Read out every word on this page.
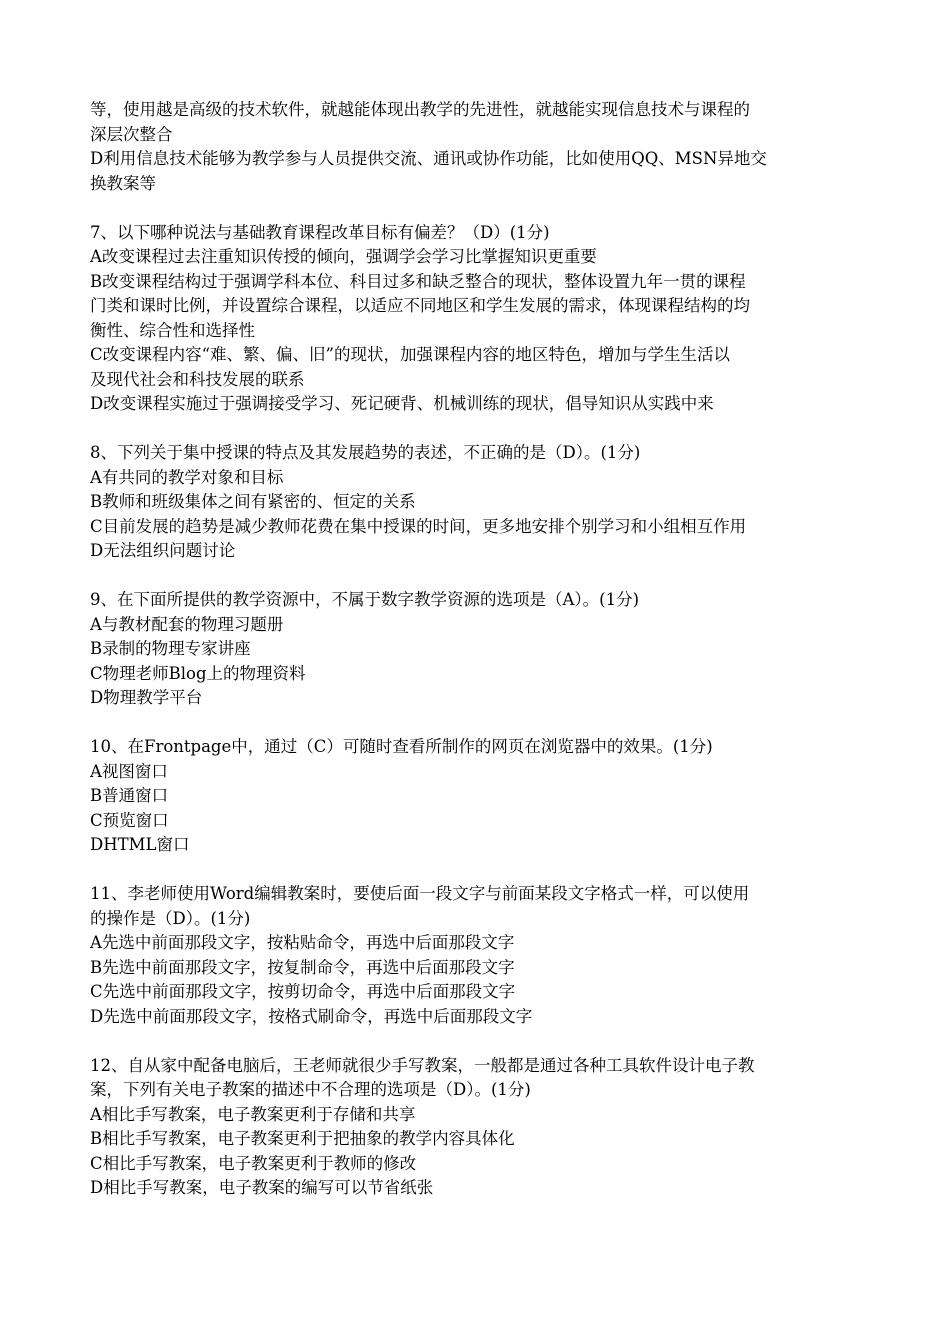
等，使用越是高级的技术软件，就越能体现出教学的先进性，就越能实现信息技术与课程的
深层次整合
D利用信息技术能够为教学参与人员提供交流、通讯或协作功能，比如使用QQ、MSN异地交
换教案等
7、以下哪种说法与基础教育课程改革目标有偏差？（D）(1分)
A改变课程过去注重知识传授的倾向，强调学会学习比掌握知识更重要
B改变课程结构过于强调学科本位、科目过多和缺乏整合的现状，整体设置九年一贯的课程
门类和课时比例，并设置综合课程，以适应不同地区和学生发展的需求，体现课程结构的均
衡性、综合性和选择性
C改变课程内容“难、繁、偏、旧”的现状，加强课程内容的地区特色，增加与学生生活以
及现代社会和科技发展的联系
D改变课程实施过于强调接受学习、死记硬背、机械训练的现状，倡导知识从实践中来
8、下列关于集中授课的特点及其发展趋势的表述，不正确的是（D）。(1分)
A有共同的教学对象和目标
B教师和班级集体之间有紧密的、恒定的关系
C目前发展的趋势是减少教师花费在集中授课的时间，更多地安排个别学习和小组相互作用
D无法组织问题讨论
9、在下面所提供的教学资源中，不属于数字教学资源的选项是（A）。(1分)
A与教材配套的物理习题册
B录制的物理专家讲座
C物理老师Blog上的物理资料
D物理教学平台
10、在Frontpage中，通过（C）可随时查看所制作的网页在浏览器中的效果。(1分)
A视图窗口
B普通窗口
C预览窗口
DHTML窗口
11、李老师使用Word编辑教案时，要使后面一段文字与前面某段文字格式一样，可以使用
的操作是（D）。(1分)
A先选中前面那段文字，按粘贴命令，再选中后面那段文字
B先选中前面那段文字，按复制命令，再选中后面那段文字
C先选中前面那段文字，按剪切命令，再选中后面那段文字
D先选中前面那段文字，按格式刷命令，再选中后面那段文字
12、自从家中配备电脑后，王老师就很少手写教案，一般都是通过各种工具软件设计电子教
案，下列有关电子教案的描述中不合理的选项是（D）。(1分)
A相比手写教案，电子教案更利于存储和共享
B相比手写教案，电子教案更利于把抽象的教学内容具体化
C相比手写教案，电子教案更利于教师的修改
D相比手写教案，电子教案的编写可以节省纸张
